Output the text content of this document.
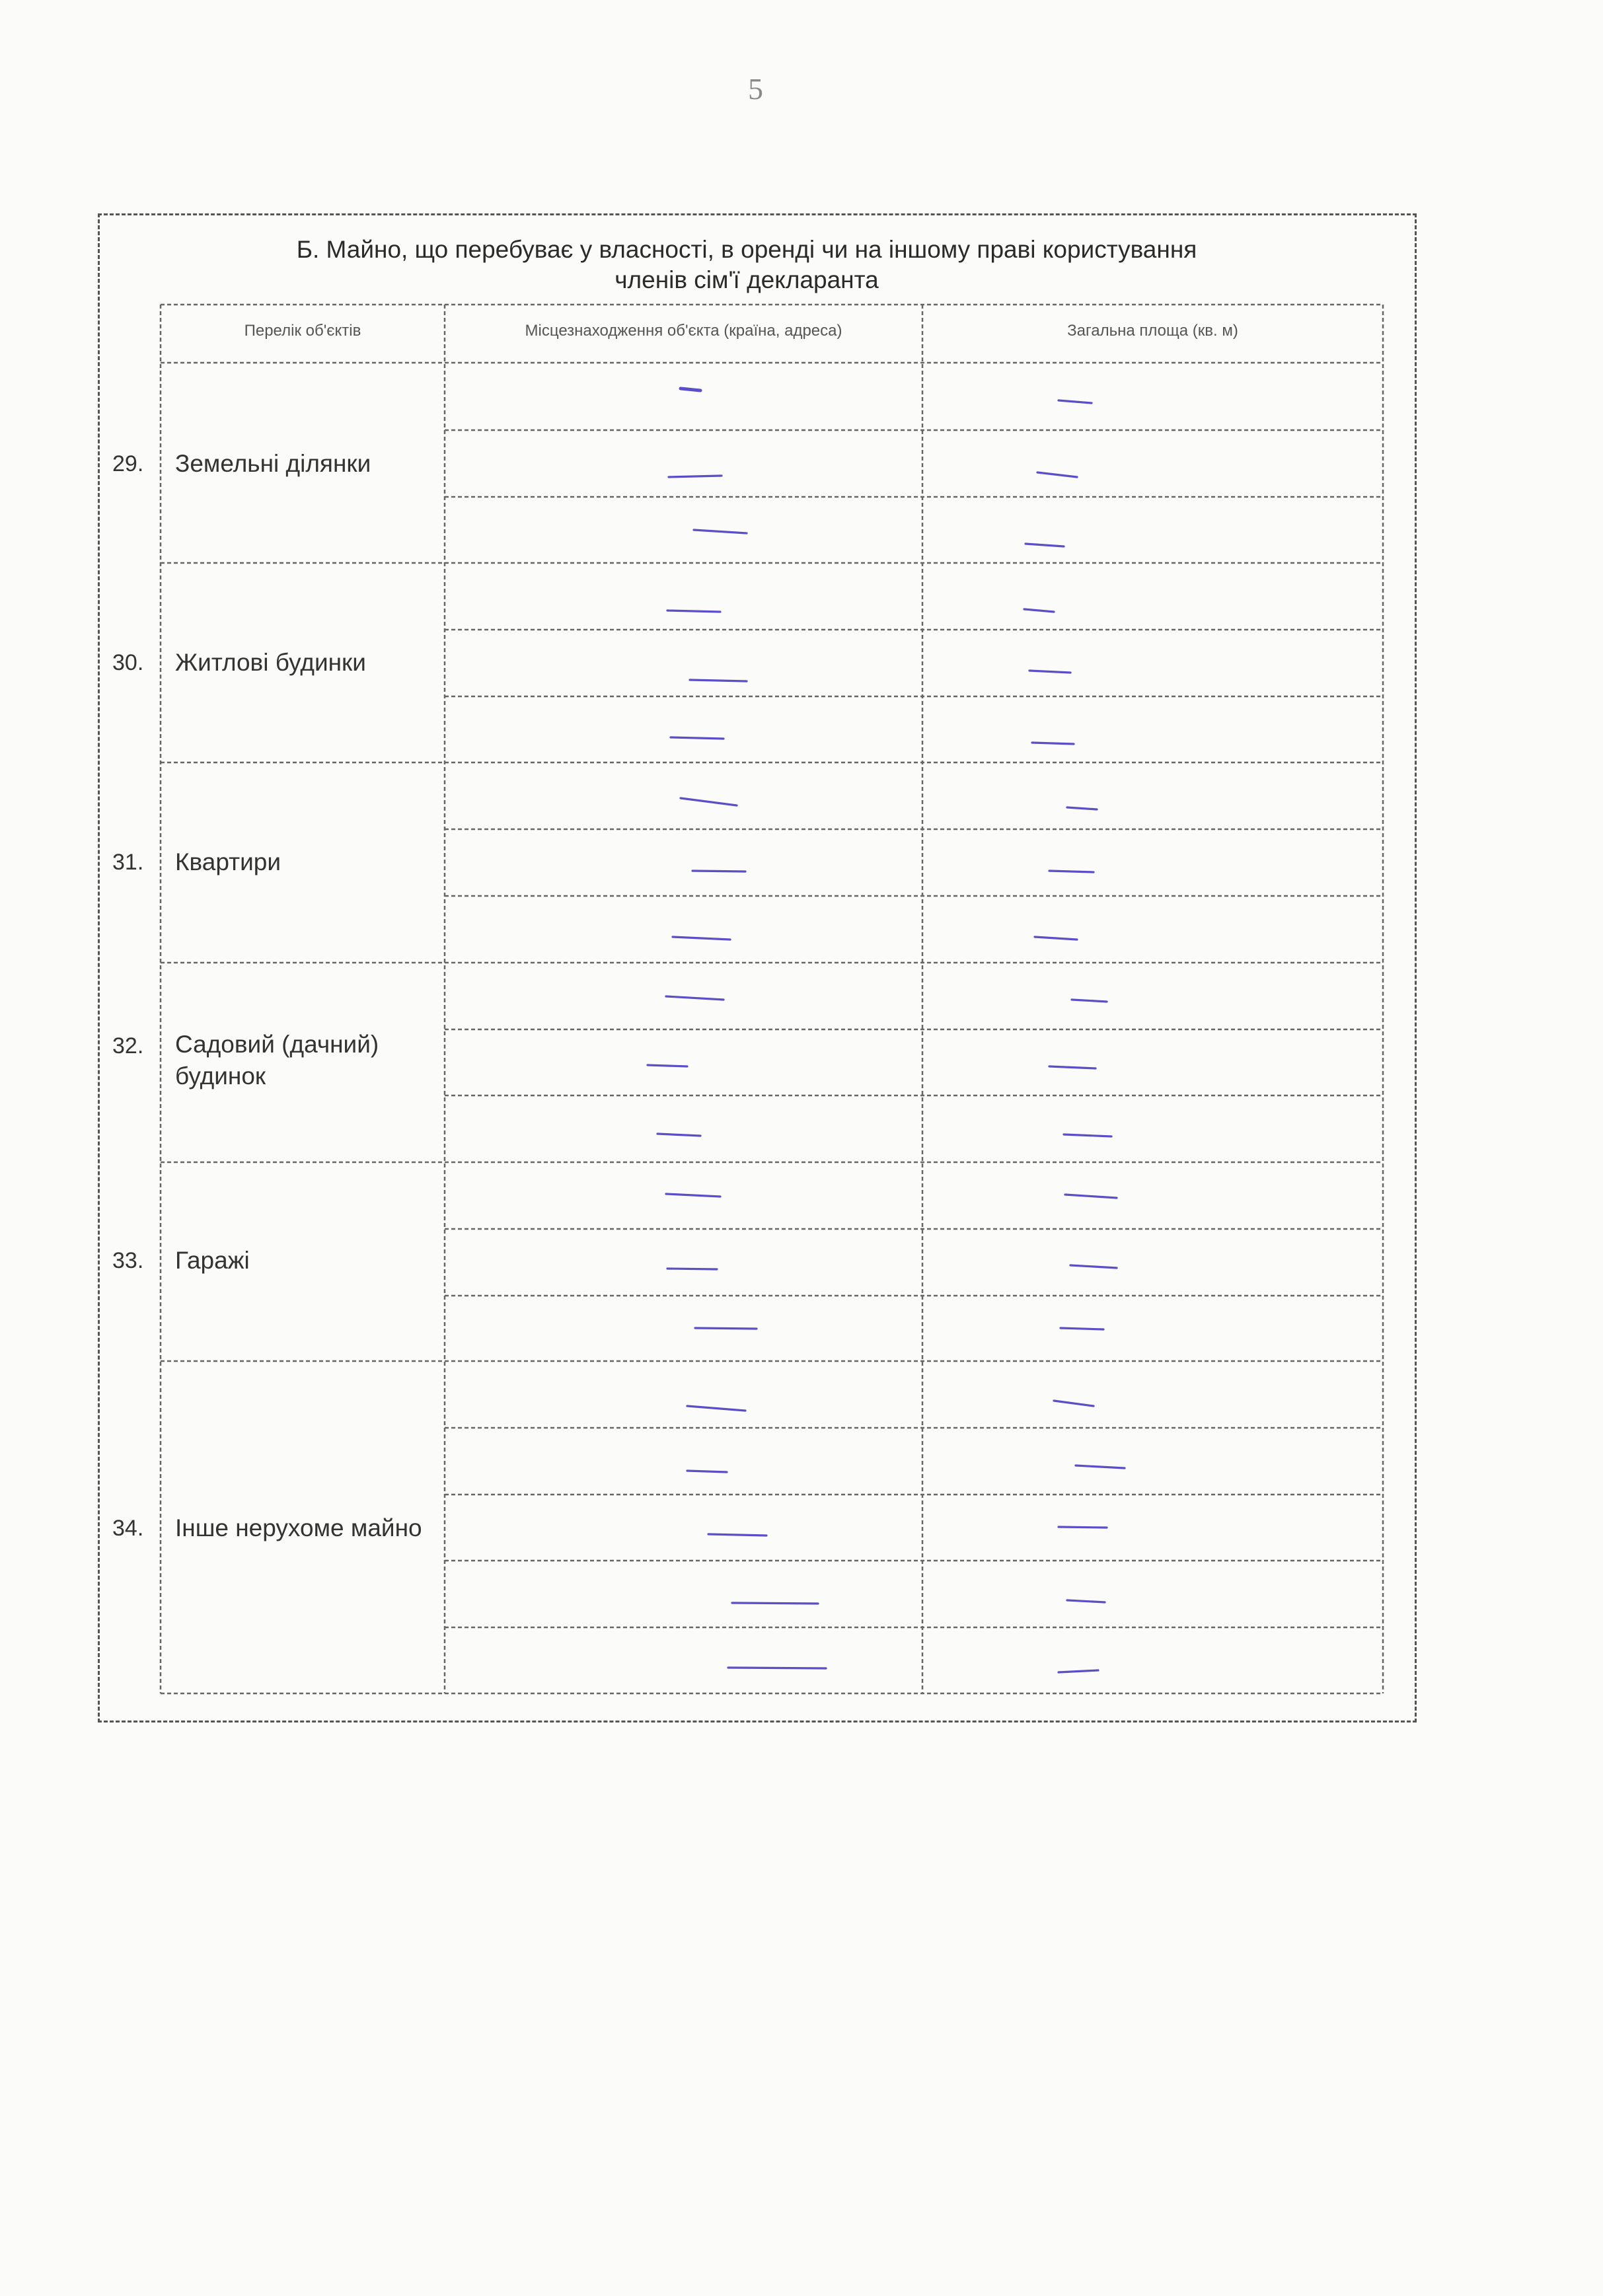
5
Б. Майно, що перебуває у власності, в оренді чи на іншому праві користування
членів сім'ї декларанта
Перелік об'єктів	Місцезнаходження об'єкта (країна, адреса)	Загальна площа (кв. м)
29. Земельні ділянки
30. Житлові будинки
31. Квартири
32. Садовий (дачний) будинок
33. Гаражі
34. Інше нерухоме майно
